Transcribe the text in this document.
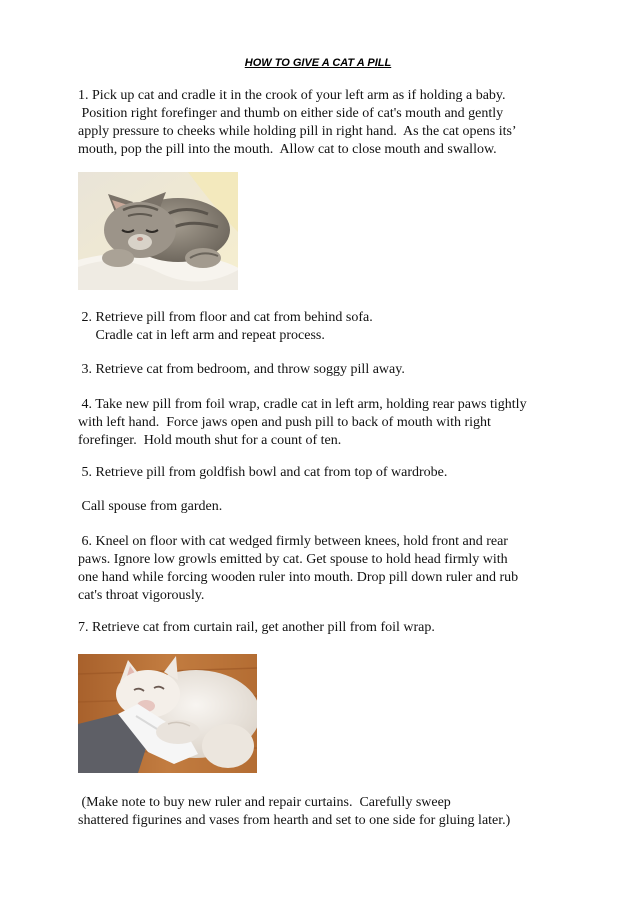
HOW TO GIVE A CAT A PILL
1. Pick up cat and cradle it in the crook of your left arm as if holding a baby.
Position right forefinger and thumb on either side of cat's mouth and gently
apply pressure to cheeks while holding pill in right hand.  As the cat opens its’
mouth, pop the pill into the mouth.  Allow cat to close mouth and swallow.
2. Retrieve pill from floor and cat from behind sofa.
Cradle cat in left arm and repeat process.
3. Retrieve cat from bedroom, and throw soggy pill away.
4. Take new pill from foil wrap, cradle cat in left arm, holding rear paws tightly
with left hand.  Force jaws open and push pill to back of mouth with right
forefinger.  Hold mouth shut for a count of ten.
5. Retrieve pill from goldfish bowl and cat from top of wardrobe.
Call spouse from garden.
6. Kneel on floor with cat wedged firmly between knees, hold front and rear
paws. Ignore low growls emitted by cat. Get spouse to hold head firmly with
one hand while forcing wooden ruler into mouth. Drop pill down ruler and rub
cat's throat vigorously.
7. Retrieve cat from curtain rail, get another pill from foil wrap.
(Make note to buy new ruler and repair curtains.  Carefully sweep
shattered figurines and vases from hearth and set to one side for gluing later.)
